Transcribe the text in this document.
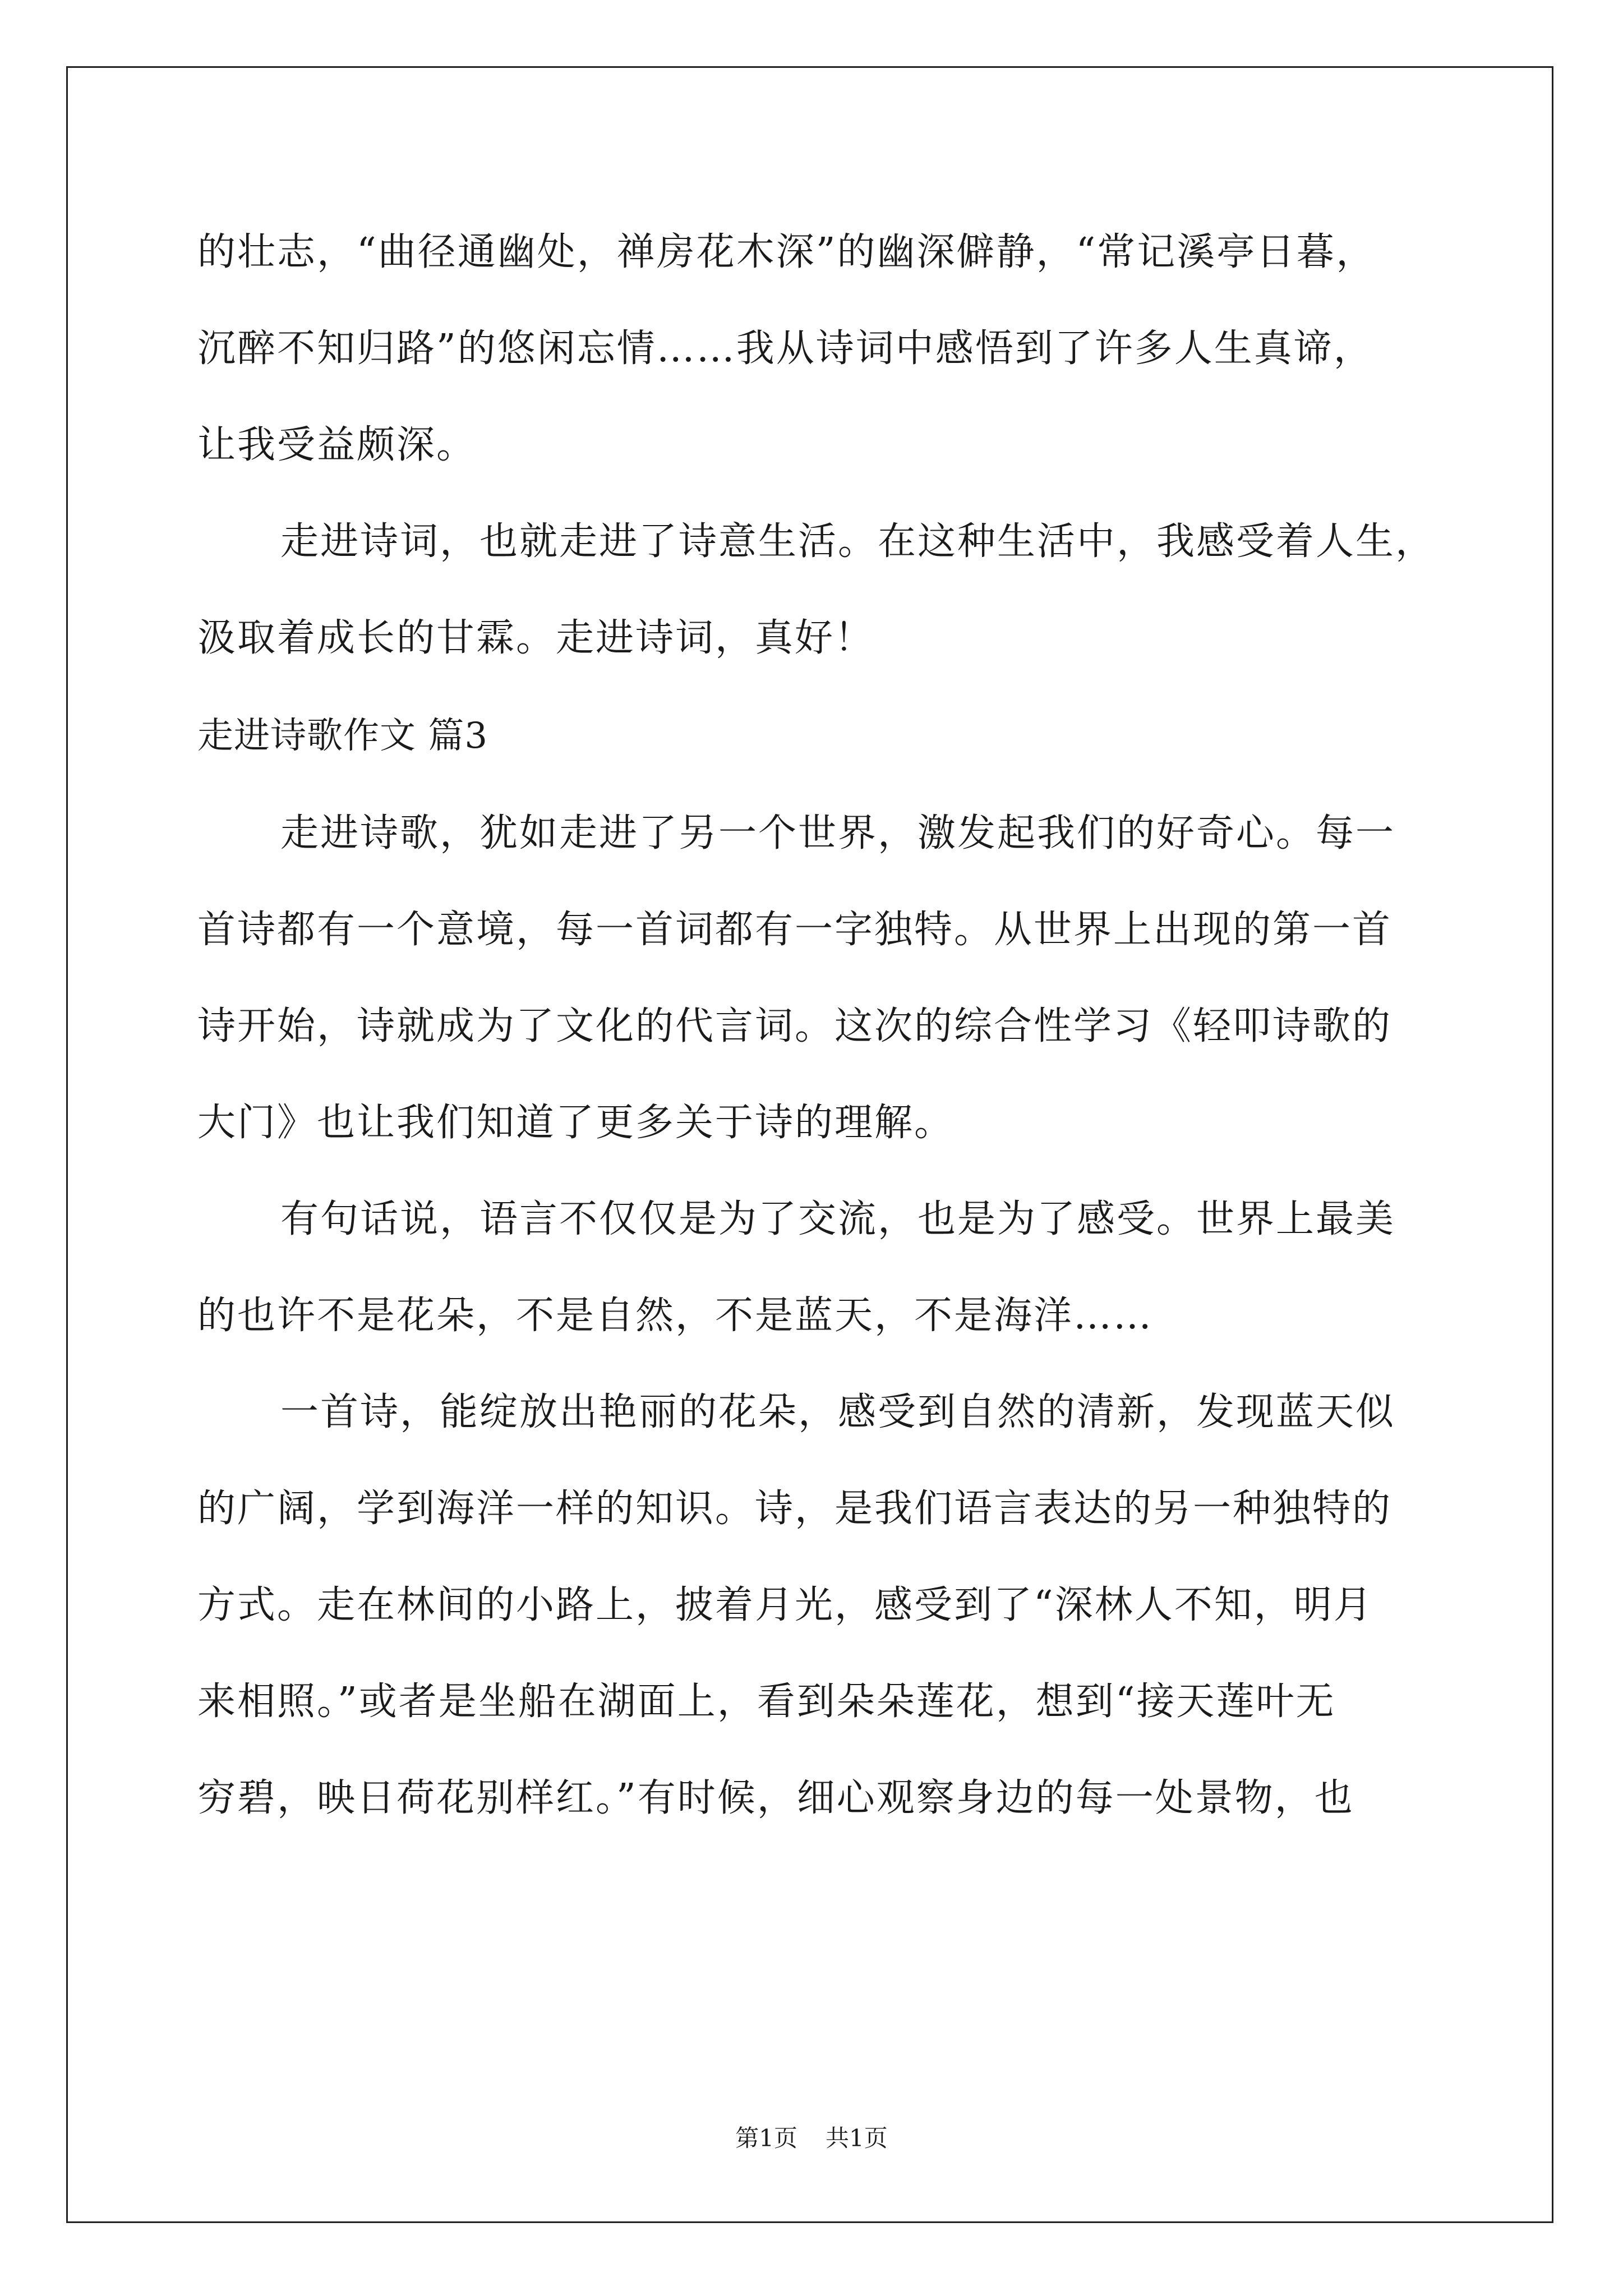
的壮志，“曲径通幽处，禅房花木深”的幽深僻静，“常记溪亭日暮，
沉醉不知归路”的悠闲忘情……我从诗词中感悟到了许多人生真谛，
让我受益颇深。
走进诗词，也就走进了诗意生活。在这种生活中，我感受着人生，
汲取着成长的甘霖。走进诗词，真好！
走进诗歌作文 篇3
走进诗歌，犹如走进了另一个世界，激发起我们的好奇心。每一
首诗都有一个意境，每一首词都有一字独特。从世界上出现的第一首
诗开始，诗就成为了文化的代言词。这次的综合性学习《轻叩诗歌的
大门》也让我们知道了更多关于诗的理解。
有句话说，语言不仅仅是为了交流，也是为了感受。世界上最美
的也许不是花朵，不是自然，不是蓝天，不是海洋……
一首诗，能绽放出艳丽的花朵，感受到自然的清新，发现蓝天似
的广阔，学到海洋一样的知识。诗，是我们语言表达的另一种独特的
方式。走在林间的小路上，披着月光，感受到了“深林人不知，明月
来相照。”或者是坐船在湖面上，看到朵朵莲花，想到“接天莲叶无
穷碧，映日荷花别样红。”有时候，细心观察身边的每一处景物，也
第1页 共1页
